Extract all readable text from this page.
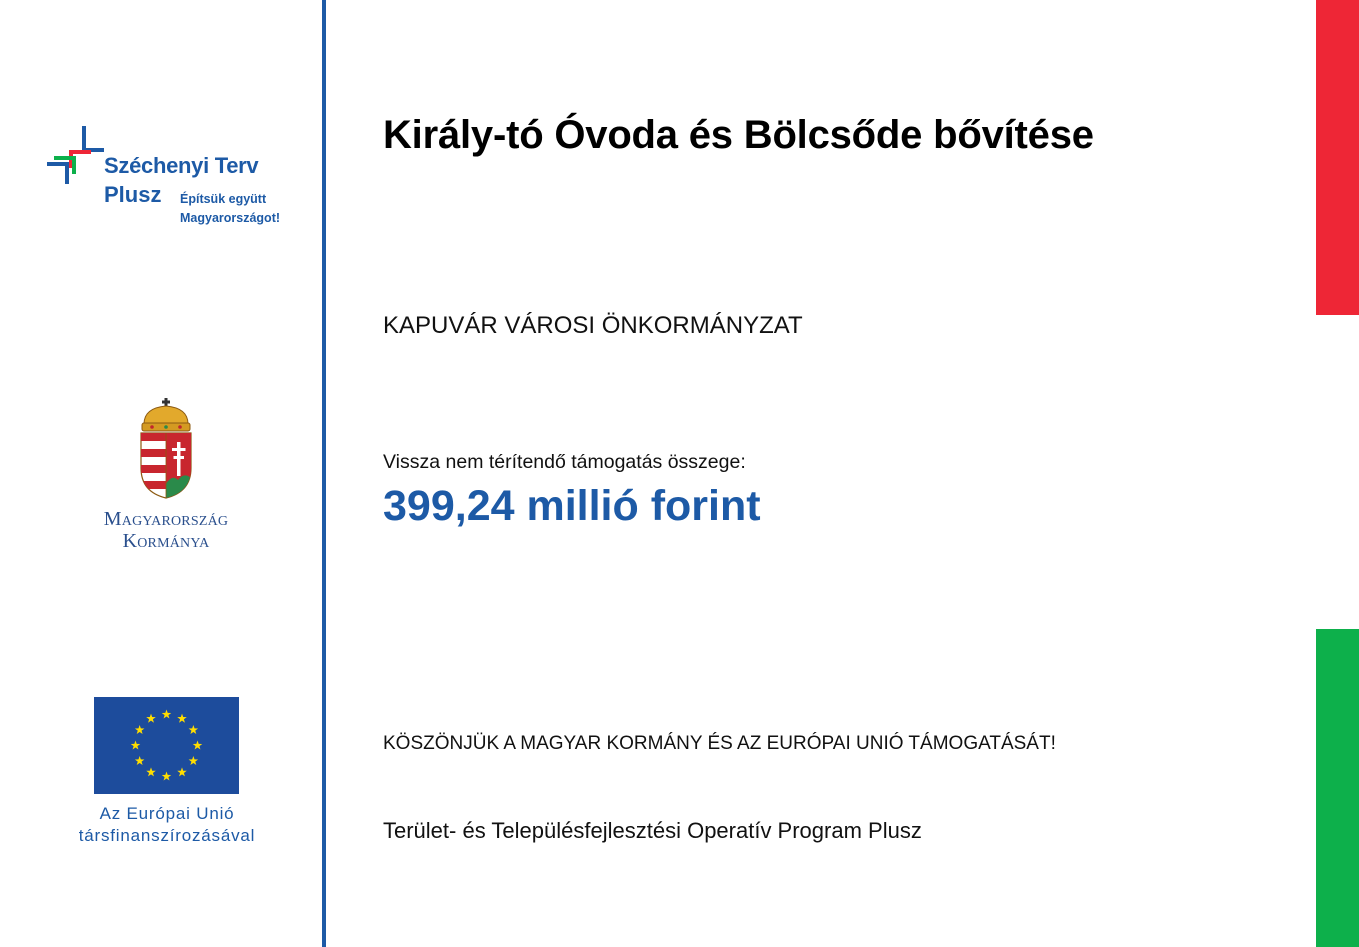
Széchenyi Terv
Plusz Építsük együtt
Magyarországot!
Magyarország
Kormánya
Az Európai Unió
társfinanszírozásával
Király-tó Óvoda és Bölcsőde bővítése
KAPUVÁR VÁROSI ÖNKORMÁNYZAT
Vissza nem térítendő támogatás összege:
399,24 millió forint
KÖSZÖNJÜK A MAGYAR KORMÁNY ÉS AZ EURÓPAI UNIÓ TÁMOGATÁSÁT!
Terület- és Településfejlesztési Operatív Program Plusz
